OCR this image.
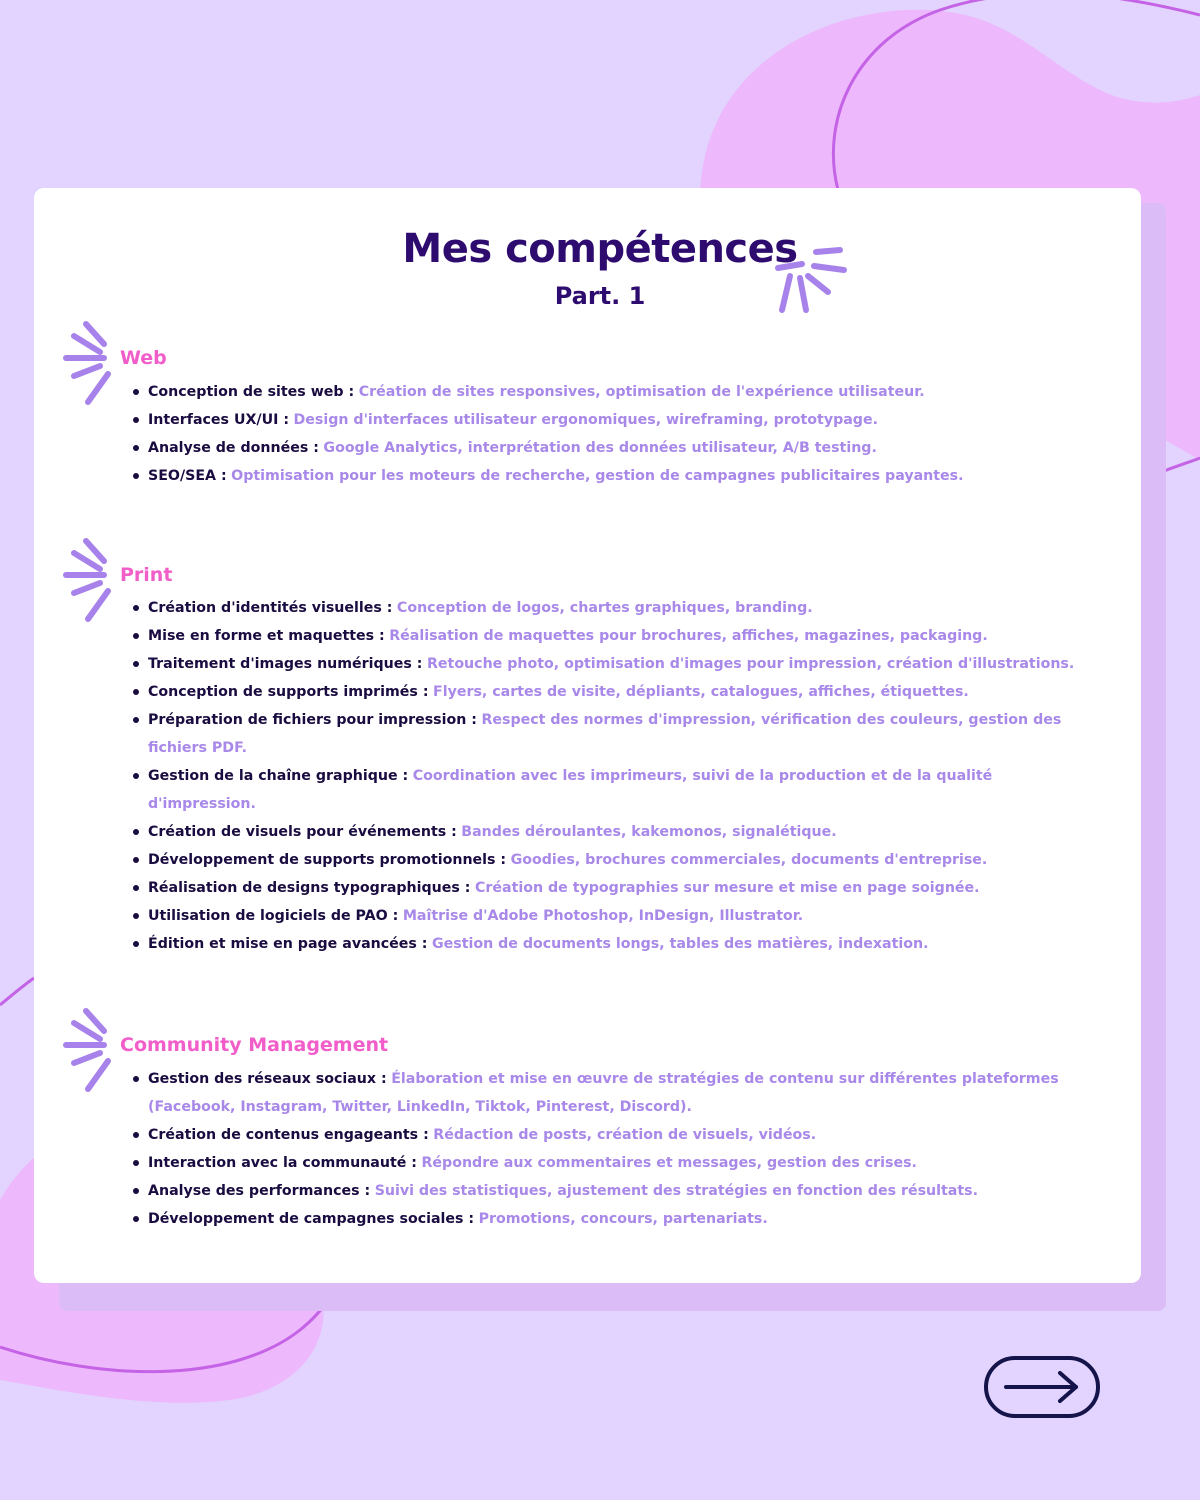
Mes compétences
Part. 1
Web
Conception de sites web : Création de sites responsives, optimisation de l'expérience utilisateur.
Interfaces UX/UI : Design d'interfaces utilisateur ergonomiques, wireframing, prototypage.
Analyse de données : Google Analytics, interprétation des données utilisateur, A/B testing.
SEO/SEA : Optimisation pour les moteurs de recherche, gestion de campagnes publicitaires payantes.
Print
Création d'identités visuelles : Conception de logos, chartes graphiques, branding.
Mise en forme et maquettes : Réalisation de maquettes pour brochures, affiches, magazines, packaging.
Traitement d'images numériques : Retouche photo, optimisation d'images pour impression, création d'illustrations.
Conception de supports imprimés : Flyers, cartes de visite, dépliants, catalogues, affiches, étiquettes.
Préparation de fichiers pour impression : Respect des normes d'impression, vérification des couleurs, gestion des fichiers PDF.
Gestion de la chaîne graphique : Coordination avec les imprimeurs, suivi de la production et de la qualité d'impression.
Création de visuels pour événements : Bandes déroulantes, kakemonos, signalétique.
Développement de supports promotionnels : Goodies, brochures commerciales, documents d'entreprise.
Réalisation de designs typographiques : Création de typographies sur mesure et mise en page soignée.
Utilisation de logiciels de PAO : Maîtrise d'Adobe Photoshop, InDesign, Illustrator.
Édition et mise en page avancées : Gestion de documents longs, tables des matières, indexation.
Community Management
Gestion des réseaux sociaux : Élaboration et mise en œuvre de stratégies de contenu sur différentes plateformes (Facebook, Instagram, Twitter, LinkedIn, Tiktok, Pinterest, Discord).
Création de contenus engageants : Rédaction de posts, création de visuels, vidéos.
Interaction avec la communauté : Répondre aux commentaires et messages, gestion des crises.
Analyse des performances : Suivi des statistiques, ajustement des stratégies en fonction des résultats.
Développement de campagnes sociales : Promotions, concours, partenariats.
